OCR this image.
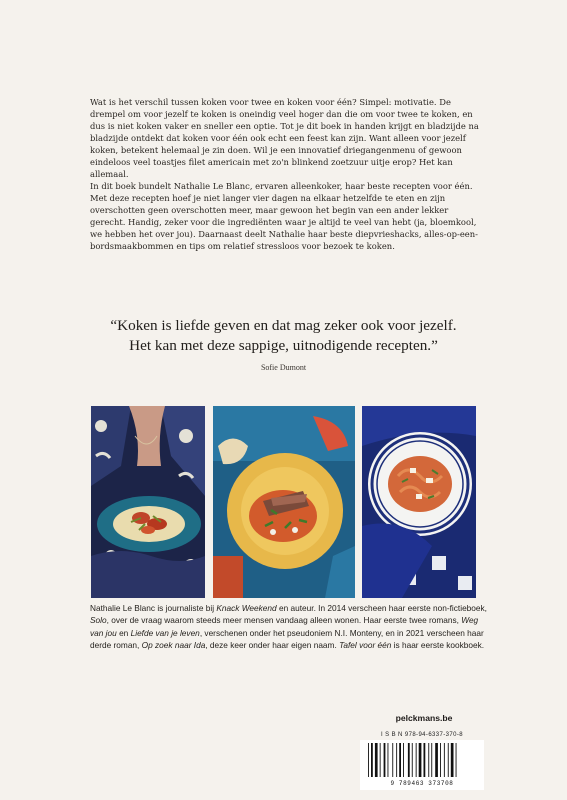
Wat is het verschil tussen koken voor twee en koken voor één? Simpel: motivatie. De drempel om voor jezelf te koken is oneindig veel hoger dan die om voor twee te koken, en dus is niet koken vaker en sneller een optie. Tot je dit boek in handen krijgt en bladzijde na bladzijde ontdekt dat koken voor één ook echt een feest kan zijn. Want alleen voor jezelf koken, betekent helemaal je zin doen. Wil je een innovatief driegangenmenu of gewoon eindeloos veel toastjes filet americain met zo'n blinkend zoetzuur uitje erop? Het kan allemaal.

In dit boek bundelt Nathalie Le Blanc, ervaren alleenkoker, haar beste recepten voor één. Met deze recepten hoef je niet langer vier dagen na elkaar hetzelfde te eten en zijn overschotten geen overschotten meer, maar gewoon het begin van een ander lekker gerecht. Handig, zeker voor die ingrediënten waar je altijd te veel van hebt (ja, bloemkool, we hebben het over jou). Daarnaast deelt Nathalie haar beste diepvrieshacks, alles-op-een-bordsmaakbommen en tips om relatief stressloos voor bezoek te koken.

“Koken is liefde geven en dat mag zeker ook voor jezelf.
Het kan met deze sappige, uitnodigende recepten.”
Sofie Dumont
Nathalie Le Blanc is journaliste bij Knack Weekend en auteur. In 2014 verscheen haar eerste non-fictieboek, Solo, over de vraag waarom steeds meer mensen vandaag alleen wonen. Haar eerste twee romans, Weg van jou en Liefde van je leven, verschenen onder het pseudoniem N.I. Monteny, en in 2021 verscheen haar derde roman, Op zoek naar Ida, deze keer onder haar eigen naam. Tafel voor één is haar eerste kookboek.
pelckmans.be
I S B N 978-94-6337-370-8
9 789463 373708
